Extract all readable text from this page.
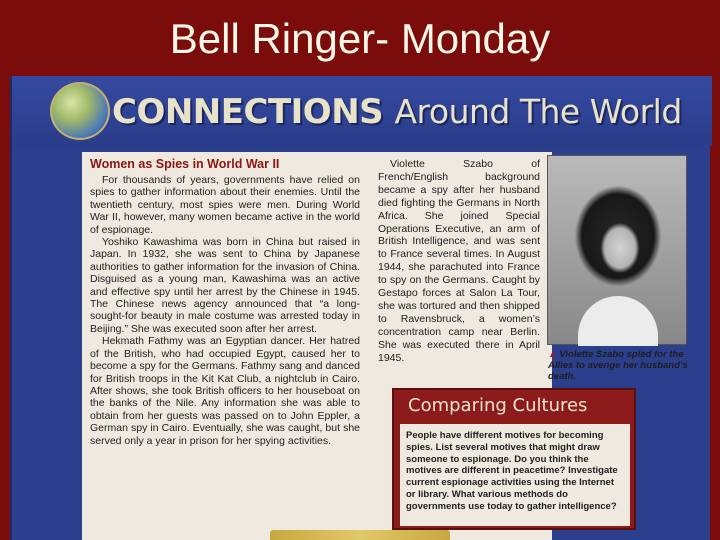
Bell Ringer- Monday
CONNECTIONS Around The World
Women as Spies in World War II

For thousands of years, governments have relied on spies to gather information about their enemies. Until the twentieth century, most spies were men. During World War II, however, many women became active in the world of espionage.

Yoshiko Kawashima was born in China but raised in Japan. In 1932, she was sent to China by Japanese authorities to gather information for the invasion of China. Disguised as a young man, Kawashima was an active and effective spy until her arrest by the Chinese in 1945. The Chinese news agency announced that “a long-sought-for beauty in male costume was arrested today in Beijing.” She was executed soon after her arrest.

Hekmath Fathmy was an Egyptian dancer. Her hatred of the British, who had occupied Egypt, caused her to become a spy for the Germans. Fathmy sang and danced for British troops in the Kit Kat Club, a nightclub in Cairo. After shows, she took British officers to her houseboat on the banks of the Nile. Any information she was able to obtain from her guests was passed on to John Eppler, a German spy in Cairo. Eventually, she was caught, but she served only a year in prison for her spying activities.

Violette Szabo of French/English background became a spy after her husband died fighting the Germans in North Africa. She joined Special Operations Executive, an arm of British Intelligence, and was sent to France several times. In August 1944, she parachuted into France to spy on the Germans. Caught by Gestapo forces at Salon La Tour, she was tortured and then shipped to Ravensbruck, a women’s concentration camp near Berlin. She was executed there in April 1945.	▲ Violette Szabo spied for the Allies to avenge her husband’s death.
Comparing Cultures
People have different motives for becoming spies. List several motives that might draw someone to espionage. Do you think the motives are different in peacetime? Investigate current espionage activities using the Internet or library. What various methods do governments use today to gather intelligence?
